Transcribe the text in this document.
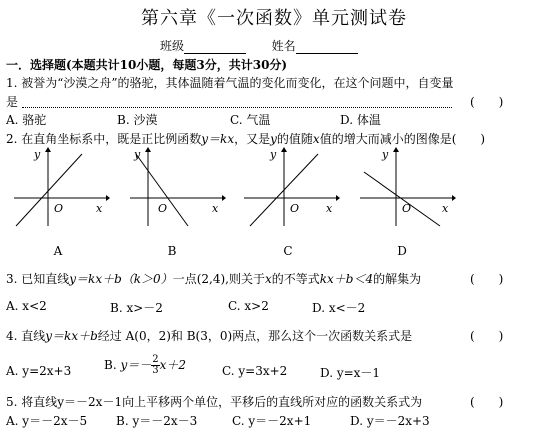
第六章《一次函数》单元测试卷
班级	姓名
一．选择题(本题共计10小题，每题3分，共计30分)
1. 被誉为“沙漠之舟”的骆驼，其体温随着气温的变化而变化，在这个问题中，自变量
是	(　　)
A. 骆驼	B. 沙漠	C. 气温	D. 体温
2. 在直角坐标系中，既是正比例函数y＝kx，又是y的值随x值的增大而减小的图像是(　　)
y
O	x
y
O	x
y
O x
y
O	x
A	B	C	D
3. 已知直线y＝kx＋b（k＞0）一点(2,4),则关于x的不等式kx＋b＜4的解集为	(　　)
A. x<2	B. x>－2	C. x>2	D. x<－2
4. 直线y＝kx＋b经过 A(0，2)和 B(3，0)两点，那么这个一次函数关系式是	(　　)
A. y=2x+3	B. $y=- \frac{2}{3} x+2$	C. y=3x+2	D. y=x－1
5. 将直线y＝－2x－1向上平移两个单位，平移后的直线所对应的函数关系式为	(　　)
A. y＝－2x－5 B. y＝－2x－3	C. y＝－2x+1	D. y＝－2x+3
